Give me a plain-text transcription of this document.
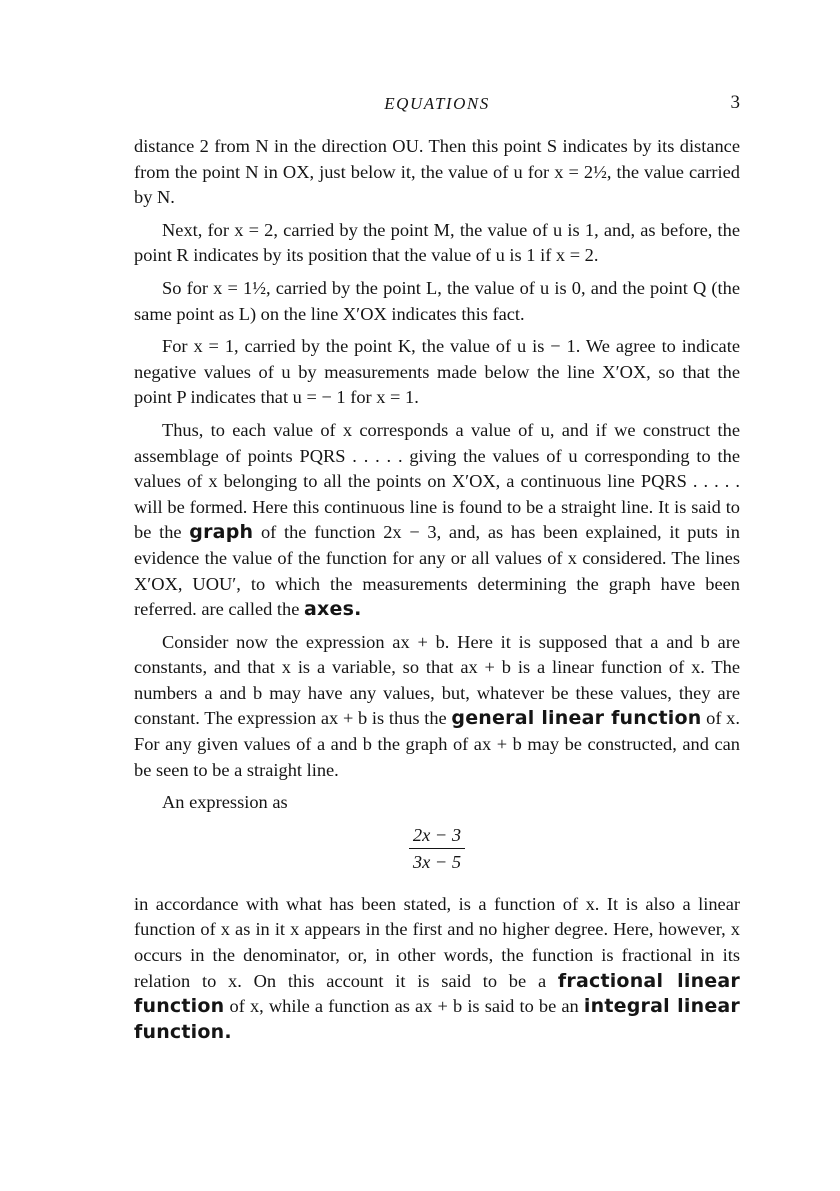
EQUATIONS	3

distance 2 from N in the direction OU. Then this point S indicates by its distance from the point N in OX, just below it, the value of u for x = 2½, the value carried by N.

Next, for x = 2, carried by the point M, the value of u is 1, and, as before, the point R indicates by its position that the value of u is 1 if x = 2.

So for x = 1½, carried by the point L, the value of u is 0, and the point Q (the same point as L) on the line X′OX indicates this fact.

For x = 1, carried by the point K, the value of u is − 1. We agree to indicate negative values of u by measurements made below the line X′OX, so that the point P indicates that u = − 1 for x = 1.

Thus, to each value of x corresponds a value of u, and if we construct the assemblage of points PQRS . . . . . giving the values of u corresponding to the values of x belonging to all the points on X′OX, a continuous line PQRS . . . . . will be formed. Here this continuous line is found to be a straight line. It is said to be the graph of the function 2x − 3, and, as has been explained, it puts in evidence the value of the function for any or all values of x considered. The lines X′OX, UOU′, to which the measurements determining the graph have been referred. are called the axes.

Consider now the expression ax + b. Here it is supposed that a and b are constants, and that x is a variable, so that ax + b is a linear function of x. The numbers a and b may have any values, but, whatever be these values, they are constant. The expression ax + b is thus the general linear function of x. For any given values of a and b the graph of ax + b may be constructed, and can be seen to be a straight line.

An expression as

$\frac{2x - 3}{3x - 5}$

in accordance with what has been stated, is a function of x. It is also a linear function of x as in it x appears in the first and no higher degree. Here, however, x occurs in the denominator, or, in other words, the function is fractional in its relation to x. On this account it is said to be a fractional linear function of x, while a function as ax + b is said to be an integral linear function.
